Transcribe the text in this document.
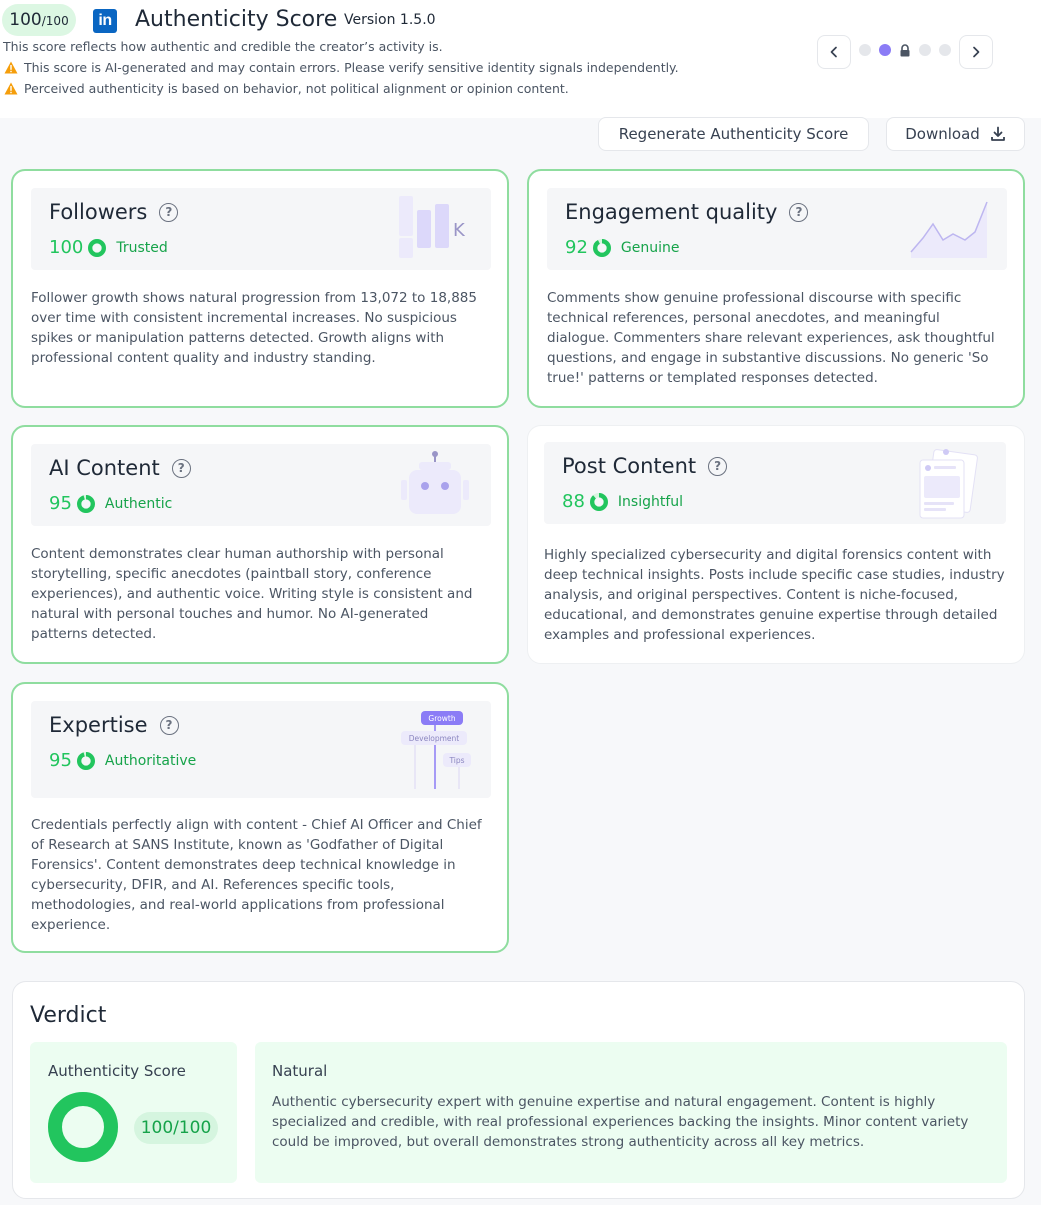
100/100	in Authenticity Score Version 1.5.0
This score reflects how authentic and credible the creator’s activity is.
This score is AI-generated and may contain errors. Please verify sensitive identity signals independently.
Perceived authenticity is based on behavior, not political alignment or opinion content.
Regenerate Authenticity Score	Download
Followers	?
100 Trusted
K
Follower growth shows natural progression from 13,072 to 18,885 over time with consistent incremental increases. No suspicious spikes or manipulation patterns detected. Growth aligns with professional content quality and industry standing.
Engagement quality	?
92 Genuine
Comments show genuine professional discourse with specific technical references, personal anecdotes, and meaningful dialogue. Commenters share relevant experiences, ask thoughtful questions, and engage in substantive discussions. No generic 'So true!' patterns or templated responses detected.
AI Content	?
95 Authentic
Content demonstrates clear human authorship with personal storytelling, specific anecdotes (paintball story, conference experiences), and authentic voice. Writing style is consistent and natural with personal touches and humor. No AI-generated patterns detected.
Post Content	?
88 Insightful
Highly specialized cybersecurity and digital forensics content with deep technical insights. Posts include specific case studies, industry analysis, and original perspectives. Content is niche-focused, educational, and demonstrates genuine expertise through detailed examples and professional experiences.
Expertise	?
95 Authoritative
Growth
Development
Tips
Credentials perfectly align with content - Chief AI Officer and Chief of Research at SANS Institute, known as 'Godfather of Digital Forensics'. Content demonstrates deep technical knowledge in cybersecurity, DFIR, and AI. References specific tools, methodologies, and real-world applications from professional experience.
Verdict
Authenticity Score
100/100
Natural
Authentic cybersecurity expert with genuine expertise and natural engagement. Content is highly specialized and credible, with real professional experiences backing the insights. Minor content variety could be improved, but overall demonstrates strong authenticity across all key metrics.
